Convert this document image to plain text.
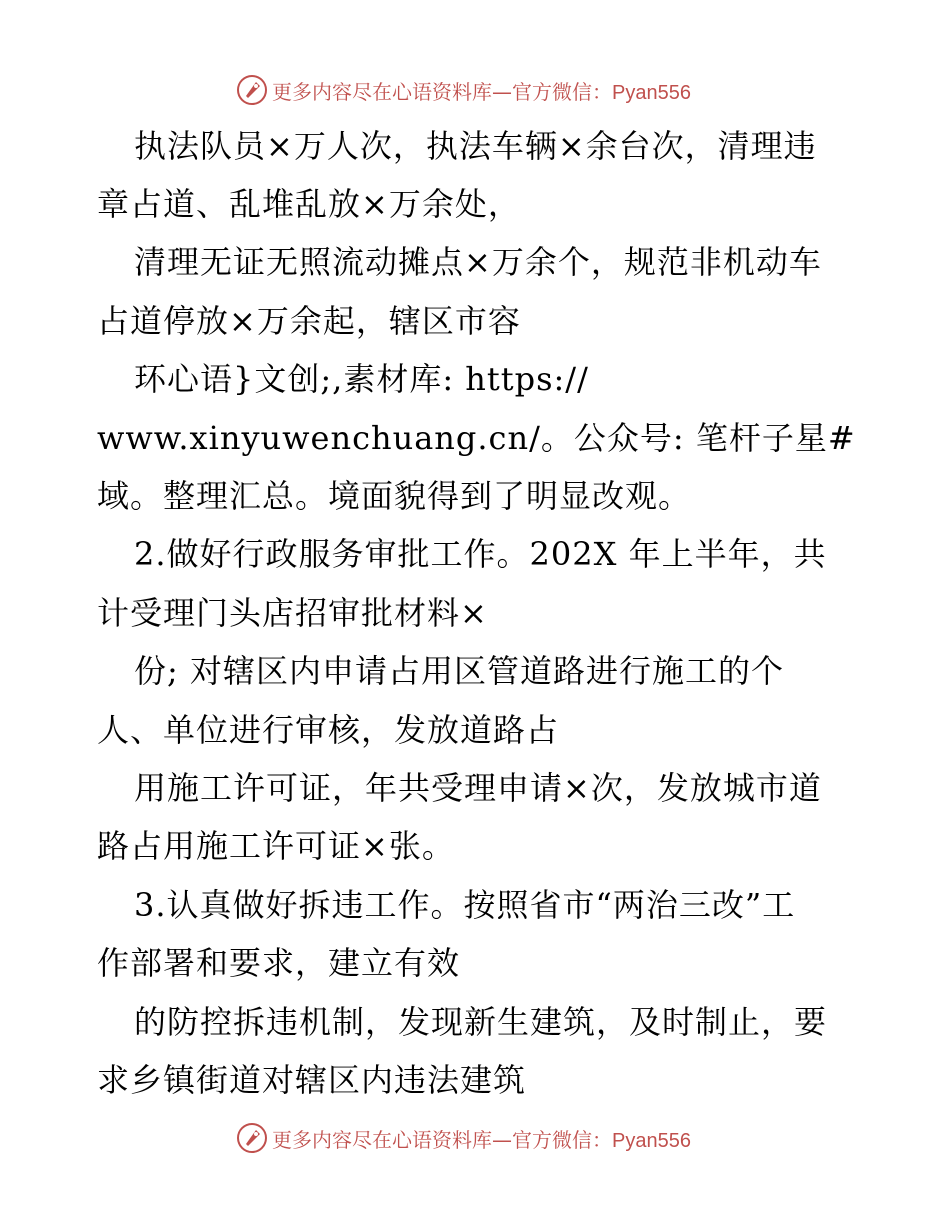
更多内容尽在心语资料库—官方微信：Pyan556
执法队员×万人次，执法车辆×余台次，清理违
章占道、乱堆乱放×万余处，
清理无证无照流动摊点×万余个，规范非机动车
占道停放×万余起，辖区市容
环心语}文创;,素材库: https://
www.xinyuwenchuang.cn/。公众号: 笔杆子星#
域。整理汇总。境面貌得到了明显改观。
2.做好行政服务审批工作。202X 年上半年，共
计受理门头店招审批材料×
份; 对辖区内申请占用区管道路进行施工的个
人、单位进行审核，发放道路占
用施工许可证，年共受理申请×次，发放城市道
路占用施工许可证×张。
3.认真做好拆违工作。按照省市“两治三改”工
作部署和要求，建立有效
的防控拆违机制，发现新生建筑，及时制止，要
求乡镇街道对辖区内违法建筑
更多内容尽在心语资料库—官方微信：Pyan556
